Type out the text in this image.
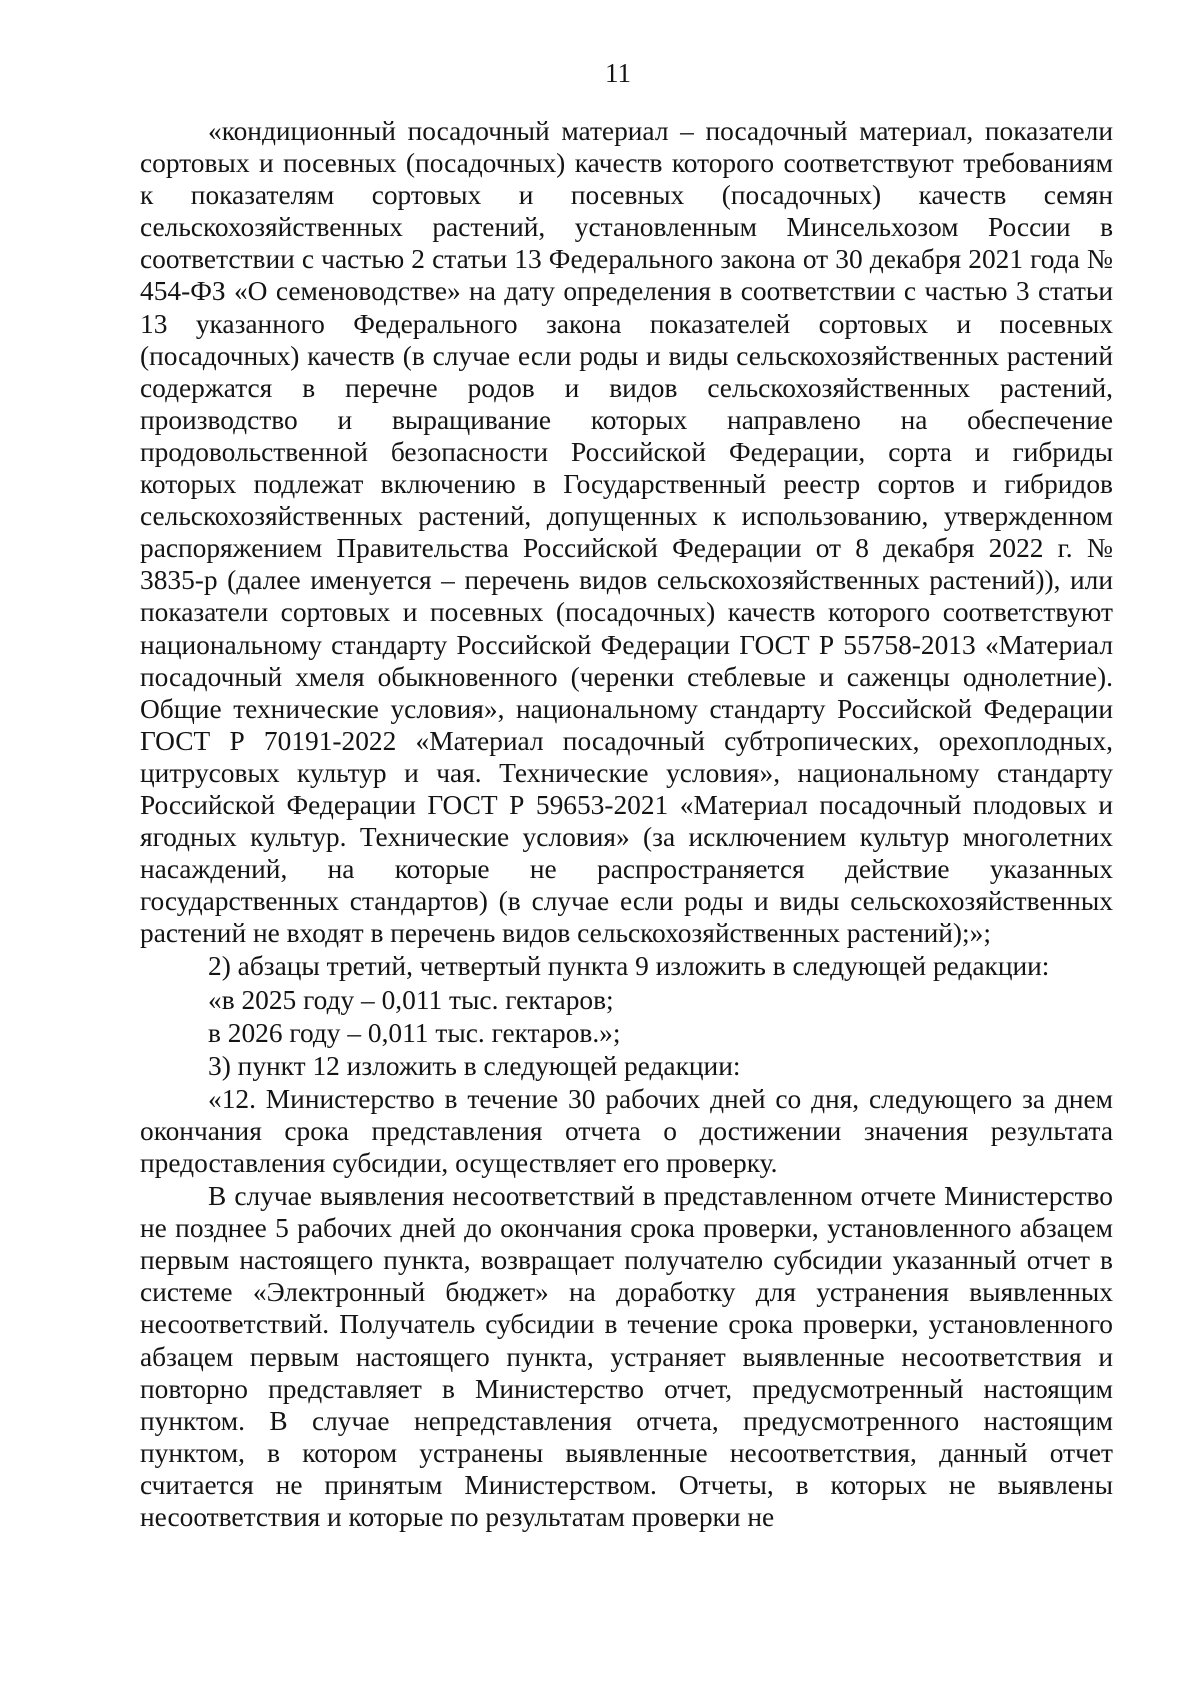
11

«кондиционный посадочный материал – посадочный материал, показатели сортовых и посевных (посадочных) качеств которого соответствуют требованиям к показателям сортовых и посевных (посадочных) качеств семян сельскохозяйственных растений, установленным Минсельхозом России в соответствии с частью 2 статьи 13 Федерального закона от 30 декабря 2021 года № 454-ФЗ «О семеноводстве» на дату определения в соответствии с частью 3 статьи 13 указанного Федерального закона показателей сортовых и посевных (посадочных) качеств (в случае если роды и виды сельскохозяйственных растений содержатся в перечне родов и видов сельскохозяйственных растений, производство и выращивание которых направлено на обеспечение продовольственной безопасности Российской Федерации, сорта и гибриды которых подлежат включению в Государственный реестр сортов и гибридов сельскохозяйственных растений, допущенных к использованию, утвержденном распоряжением Правительства Российской Федерации от 8 декабря 2022 г. № 3835-р (далее именуется – перечень видов сельскохозяйственных растений)), или показатели сортовых и посевных (посадочных) качеств которого соответствуют национальному стандарту Российской Федерации ГОСТ Р 55758-2013 «Материал посадочный хмеля обыкновенного (черенки стеблевые и саженцы однолетние). Общие технические условия», национальному стандарту Российской Федерации ГОСТ Р 70191-2022 «Материал посадочный субтропических, орехоплодных, цитрусовых культур и чая. Технические условия», национальному стандарту Российской Федерации ГОСТ Р 59653-2021 «Материал посадочный плодовых и ягодных культур. Технические условия» (за исключением культур многолетних насаждений, на которые не распространяется действие указанных государственных стандартов) (в случае если роды и виды сельскохозяйственных растений не входят в перечень видов сельскохозяйственных растений);»;

2) абзацы третий, четвертый пункта 9 изложить в следующей редакции:

«в 2025 году – 0,011 тыс. гектаров;

в 2026 году – 0,011 тыс. гектаров.»;

3) пункт 12 изложить в следующей редакции:

«12. Министерство в течение 30 рабочих дней со дня, следующего за днем окончания срока представления отчета о достижении значения результата предоставления субсидии, осуществляет его проверку.

В случае выявления несоответствий в представленном отчете Министерство не позднее 5 рабочих дней до окончания срока проверки, установленного абзацем первым настоящего пункта, возвращает получателю субсидии указанный отчет в системе «Электронный бюджет» на доработку для устранения выявленных несоответствий. Получатель субсидии в течение срока проверки, установленного абзацем первым настоящего пункта, устраняет выявленные несоответствия и повторно представляет в Министерство отчет, предусмотренный настоящим пунктом. В случае непредставления отчета, предусмотренного настоящим пунктом, в котором устранены выявленные несоответствия, данный отчет считается не принятым Министерством. Отчеты, в которых не выявлены несоответствия и которые по результатам проверки не
